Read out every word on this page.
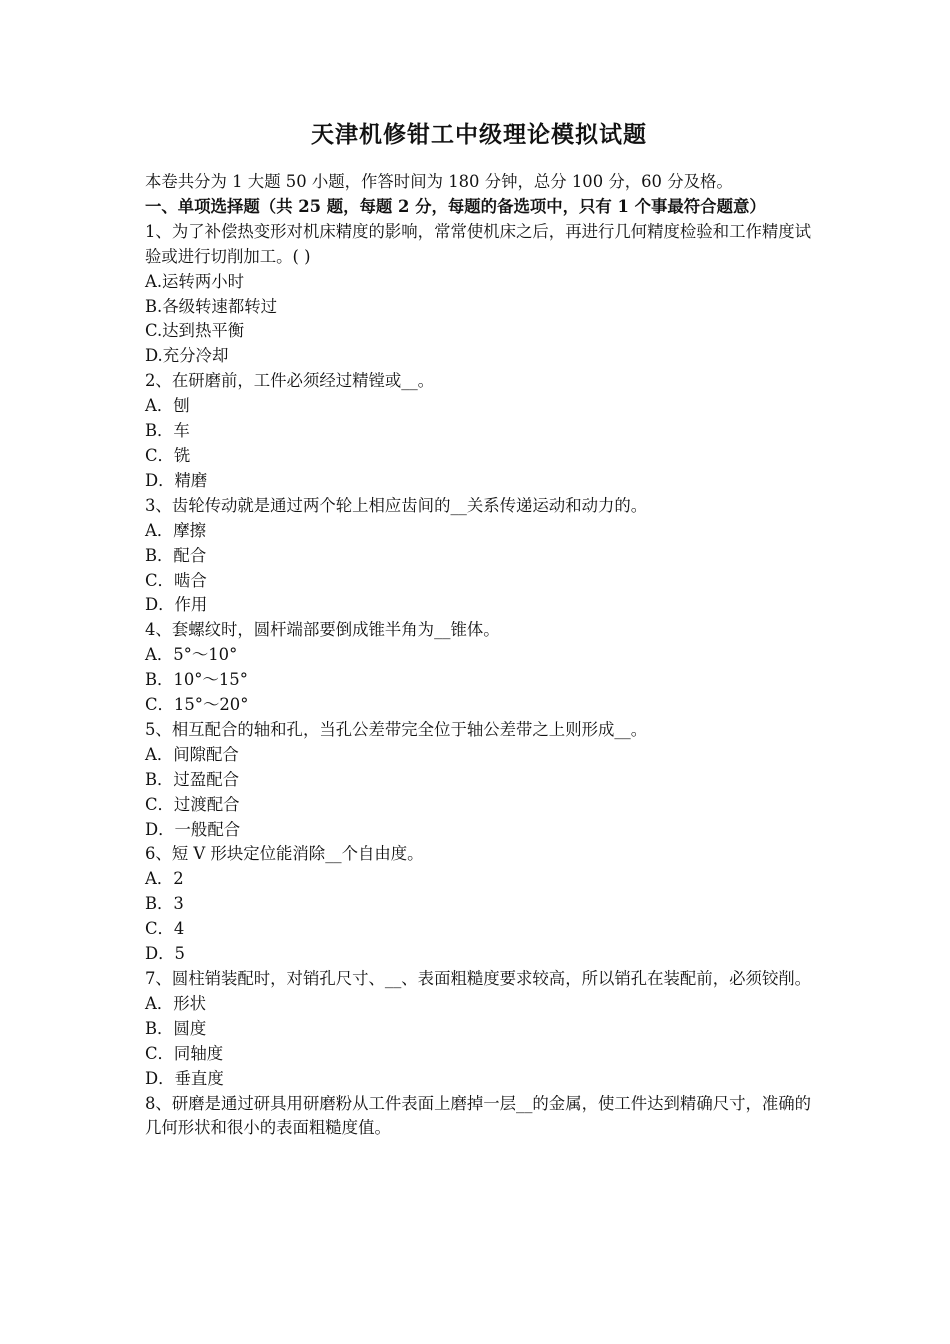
天津机修钳工中级理论模拟试题

本卷共分为 1 大题 50 小题，作答时间为 180 分钟，总分 100 分，60 分及格。

一、单项选择题（共 25 题，每题 2 分，每题的备选项中，只有 1 个事最符合题意）

1、为了补偿热变形对机床精度的影响，常常使机床之后，再进行几何精度检验和工作精度试验或进行切削加工。( )

A.运转两小时

B.各级转速都转过

C.达到热平衡

D.充分冷却

2、在研磨前，工件必须经过精镗或__。

A．刨

B．车

C．铣

D．精磨

3、齿轮传动就是通过两个轮上相应齿间的__关系传递运动和动力的。

A．摩擦

B．配合

C．啮合

D．作用

4、套螺纹时，圆杆端部要倒成锥半角为__锥体。

A．5°～10°

B．10°～15°

C．15°～20°

5、相互配合的轴和孔，当孔公差带完全位于轴公差带之上则形成__。

A．间隙配合

B．过盈配合

C．过渡配合

D．一般配合

6、短 V 形块定位能消除__个自由度。

A．2

B．3

C．4

D．5

7、圆柱销装配时，对销孔尺寸、__、表面粗糙度要求较高，所以销孔在装配前，必须铰削。

A．形状

B．圆度

C．同轴度

D．垂直度

8、研磨是通过研具用研磨粉从工件表面上磨掉一层__的金属，使工件达到精确尺寸，准确的几何形状和很小的表面粗糙度值。
